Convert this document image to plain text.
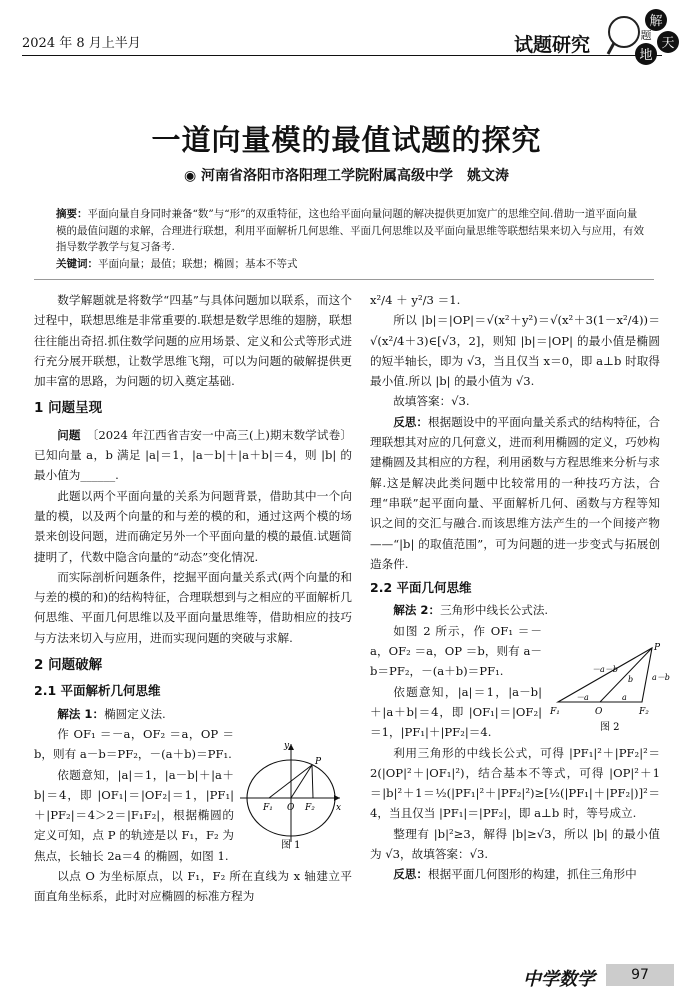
2024 年 8 月上半月	试题研究
解
题
天
地
一道向量模的最值试题的探究
◉ 河南省洛阳市洛阳理工学院附属高级中学　姚文涛
摘要：平面向量自身同时兼备“数”与“形”的双重特征，这也给平面向量问题的解决提供更加宽广的思维空间.借助一道平面向量模的最值问题的求解，合理进行联想，利用平面解析几何思维、平面几何思维以及平面向量思维等联想结果来切入与应用，有效指导数学教学与复习备考.
关键词：平面向量；最值；联想；椭圆；基本不等式

数学解题就是将数学“四基”与具体问题加以联系，而这个过程中，联想思维是非常重要的.联想是数学思维的翅膀，联想往往能出奇招.抓住数学问题的应用场景、定义和公式等形式进行充分展开联想，让数学思维飞翔，可以为问题的破解提供更加丰富的思路，为问题的切入奠定基础.

1 问题呈现

问题　 〔2024 年江西省吉安一中高三(上)期末数学试卷〕已知向量 a，b 满足 |a|＝1，|a－b|＋|a＋b|＝4，则 |b| 的最小值为______.

此题以两个平面向量的关系为问题背景，借助其中一个向量的模，以及两个向量的和与差的模的和，通过这两个模的场景来创设问题，进而确定另外一个平面向量的模的最值.试题简捷明了，代数中隐含向量的“动态”变化情况.

而实际剖析问题条件，挖掘平面向量关系式(两个向量的和与差的模的和)的结构特征，合理联想到与之相应的平面解析几何思维、平面几何思维以及平面向量思维等，借助相应的技巧与方法来切入与应用，进而实现问题的突破与求解.

2 问题破解
2.1 平面解析几何思维

解法 1：椭圆定义法.

作 OF₁ ＝－a，OF₂ ＝a，OP ＝b，则有 a－b＝PF₂，－(a＋b)＝PF₁.

依题意知，|a|＝1，|a－b|＋|a＋b|＝4，即 |OF₁|＝|OF₂|＝1，|PF₁|＋|PF₂|＝4＞2＝|F₁F₂|，根据椭圆的定义可知，点 P 的轨迹是以 F₁，F₂ 为焦点，长轴长 2a＝4 的椭圆，如图 1.

以点 O 为坐标原点，以 F₁，F₂ 所在直线为 x 轴建立平面直角坐标系，此时对应椭圆的标准方程为

P
y
x
F₁ O F₂
图 1

x²/4 ＋ y²/3 ＝1.

所以 |b|＝|OP|＝√(x²＋y²)＝√(x²＋3(1－x²/4))＝√(x²/4＋3)∈[√3，2]，则知 |b|＝|OP| 的最小值是椭圆的短半轴长，即为 √3，当且仅当 x＝0，即 a⊥b 时取得最小值.所以 |b| 的最小值为 √3.

故填答案：√3.

反思：根据题设中的平面向量关系式的结构特征，合理联想其对应的几何意义，进而利用椭圆的定义，巧妙构建椭圆及其相应的方程，利用函数与方程思维来分析与求解.这是解决此类问题中比较常用的一种技巧方法，合理“串联”起平面向量、平面解析几何、函数与方程等知识之间的交汇与融合.而该思维方法产生的一个间接产物——“|b| 的取值范围”，可为问题的进一步变式与拓展创造条件.

2.2 平面几何思维

解法 2：三角形中线长公式法.

如图 2 所示，作 OF₁ ＝－a，OF₂ ＝a，OP ＝b，则有 a－b＝PF₂，－(a＋b)＝PF₁.

依题意知，|a|＝1，|a－b|＋|a＋b|＝4，即 |OF₁|＝|OF₂|＝1，|PF₁|＋|PF₂|＝4.

利用三角形的中线长公式，可得 |PF₁|²＋|PF₂|²＝2(|OP|²＋|OF₁|²)，结合基本不等式，可得 |OP|²＋1＝|b|²＋1＝½(|PF₁|²＋|PF₂|²)≥[½(|PF₁|＋|PF₂|)]²＝4，当且仅当 |PF₁|＝|PF₂|，即 a⊥b 时，等号成立.

整理有 |b|²≥3，解得 |b|≥√3，所以 |b| 的最小值为 √3，故填答案：√3.

反思：根据平面几何图形的构建，抓住三角形中

P
F₁	O	F₂
－a	a
b
－a－b
a－b
图 2
中学数学	97
